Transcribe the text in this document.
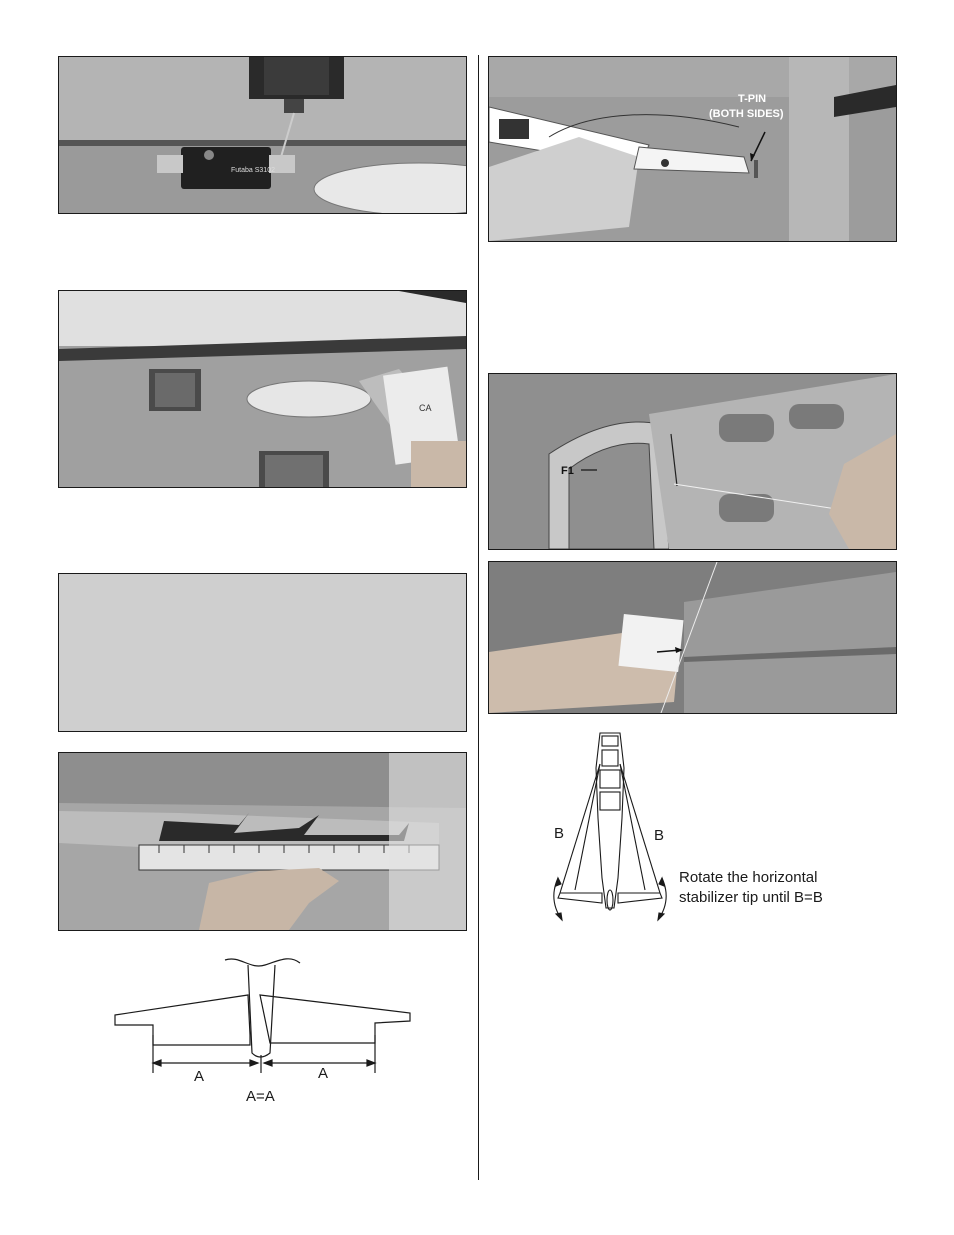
Futaba S3102
CA
A	A
A=A
T-PIN
(BOTH SIDES)
F1
B	B
Rotate the horizontal
stabilizer tip until B=B
